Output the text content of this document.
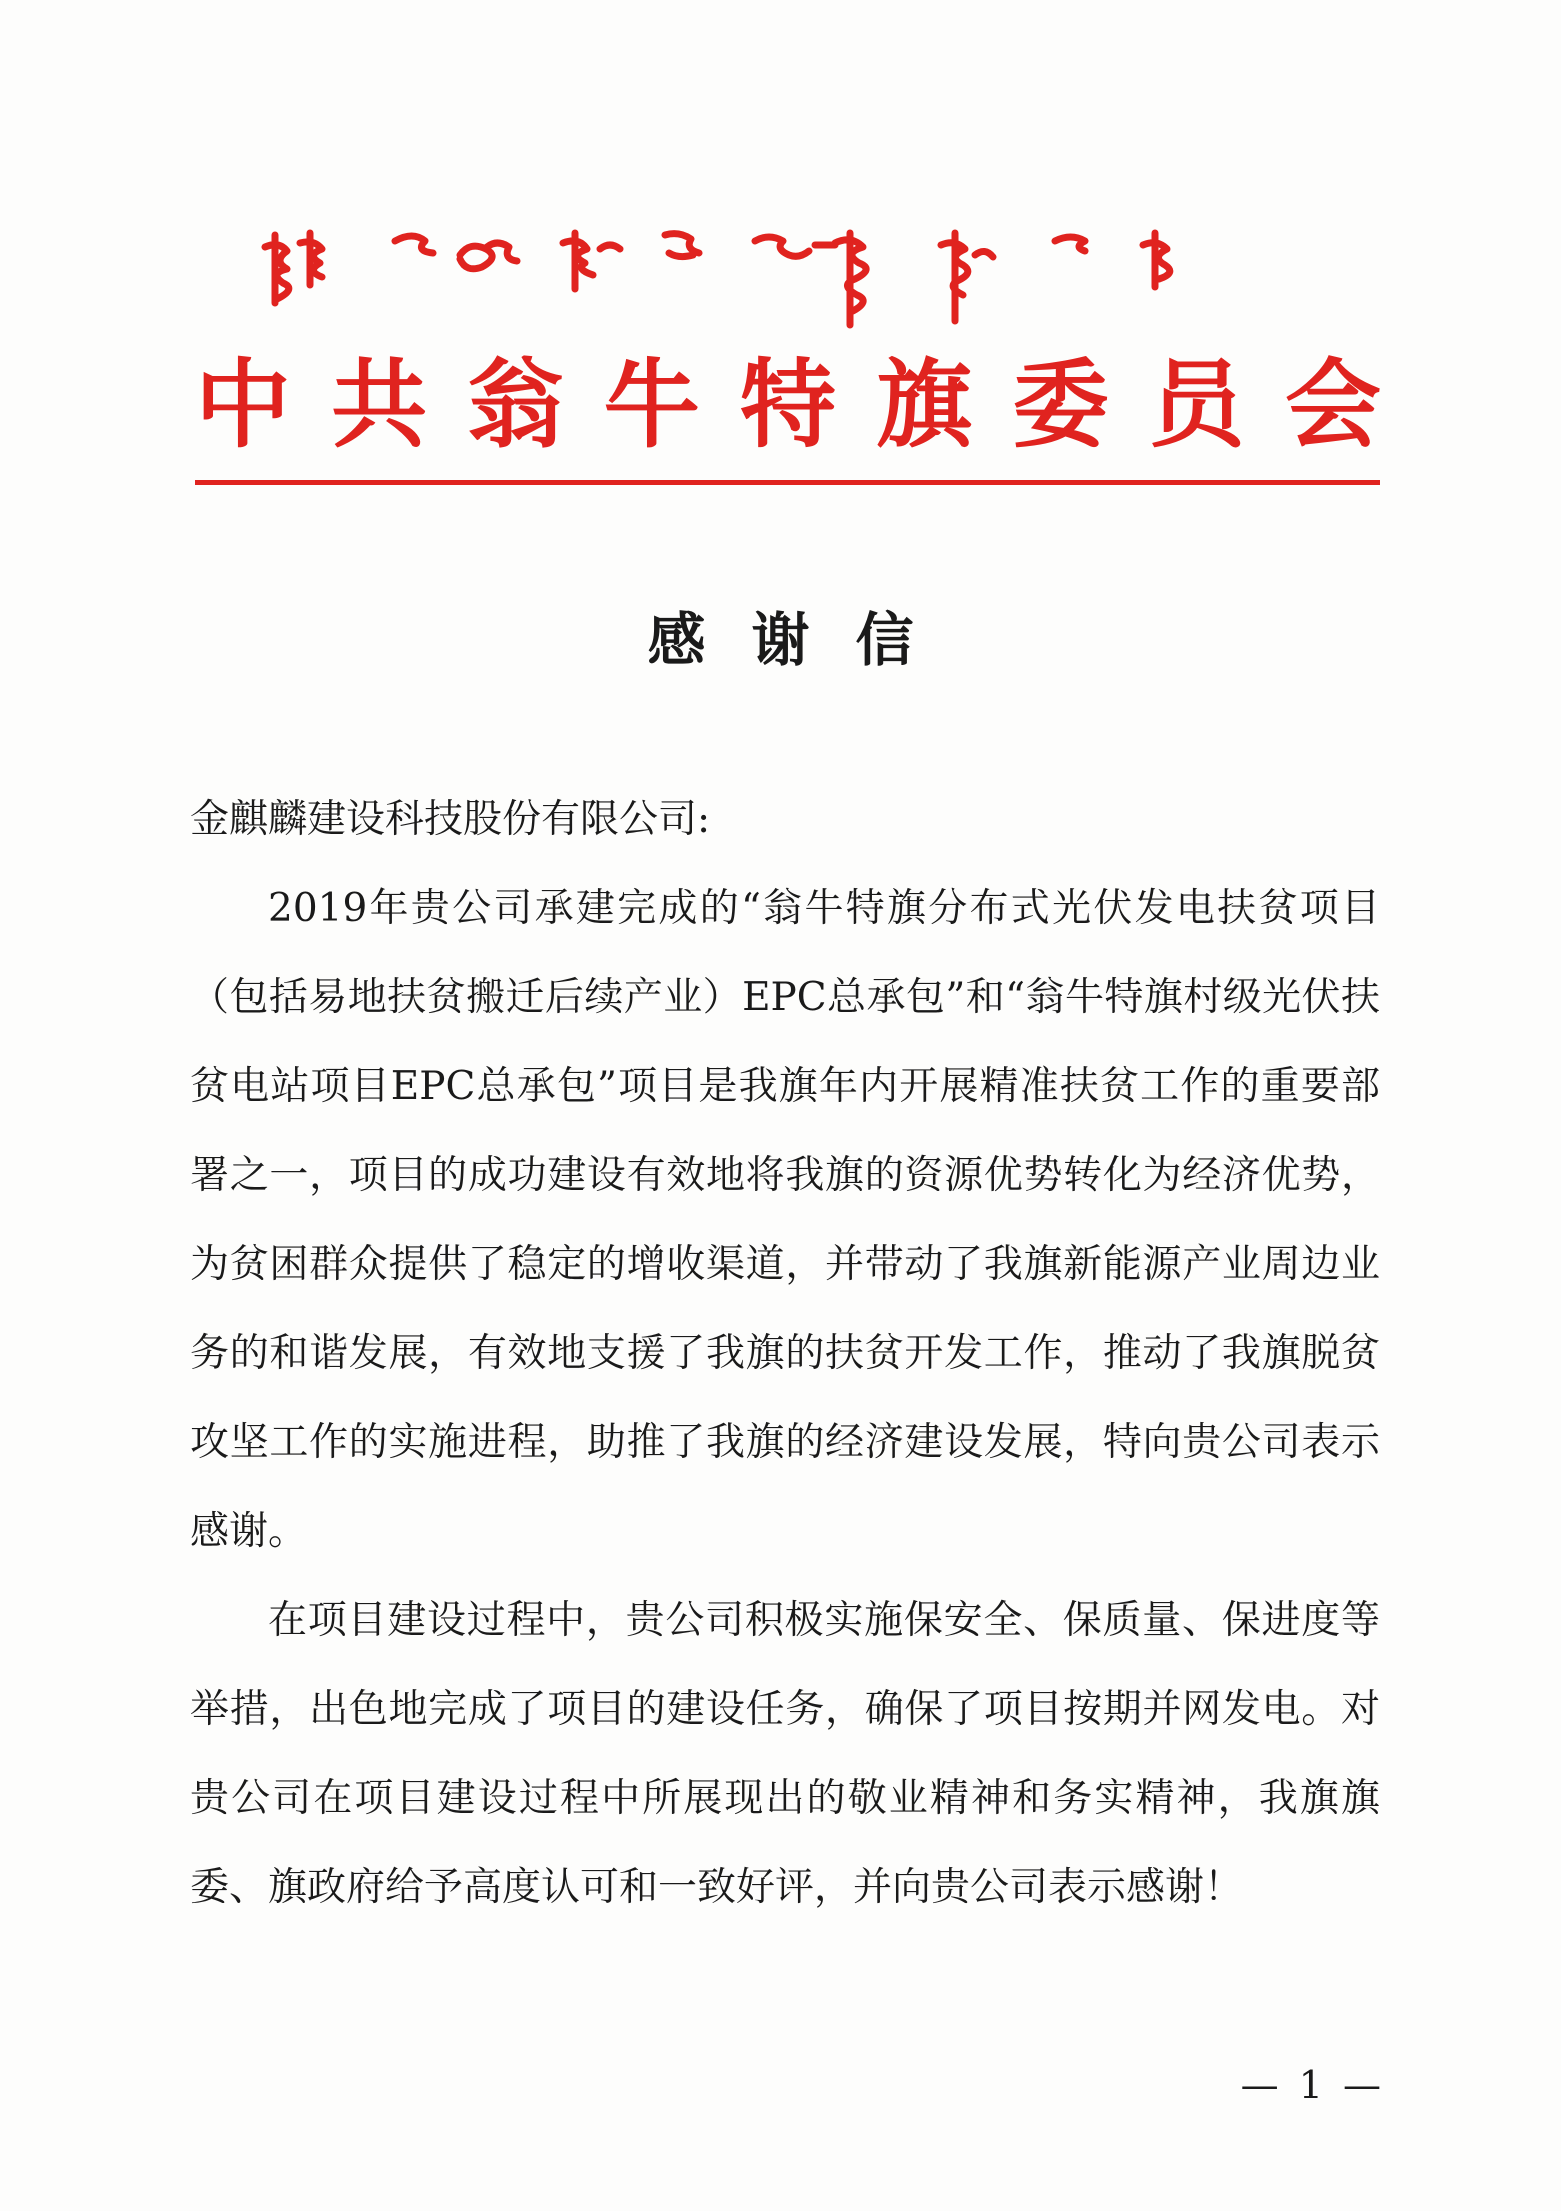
中共翁牛特旗委员会
感谢信

金麒麟建设科技股份有限公司:

2019年贵公司承建完成的“翁牛特旗分布式光伏发电扶贫项目（包括易地扶贫搬迁后续产业）EPC总承包”和“翁牛特旗村级光伏扶贫电站项目EPC总承包”项目是我旗年内开展精准扶贫工作的重要部署之一，项目的成功建设有效地将我旗的资源优势转化为经济优势，为贫困群众提供了稳定的增收渠道，并带动了我旗新能源产业周边业务的和谐发展，有效地支援了我旗的扶贫开发工作，推动了我旗脱贫攻坚工作的实施进程，助推了我旗的经济建设发展，特向贵公司表示感谢。

在项目建设过程中，贵公司积极实施保安全、保质量、保进度等举措，出色地完成了项目的建设任务，确保了项目按期并网发电。对贵公司在项目建设过程中所展现出的敬业精神和务实精神，我旗旗委、旗政府给予高度认可和一致好评，并向贵公司表示感谢！

— 1 —
